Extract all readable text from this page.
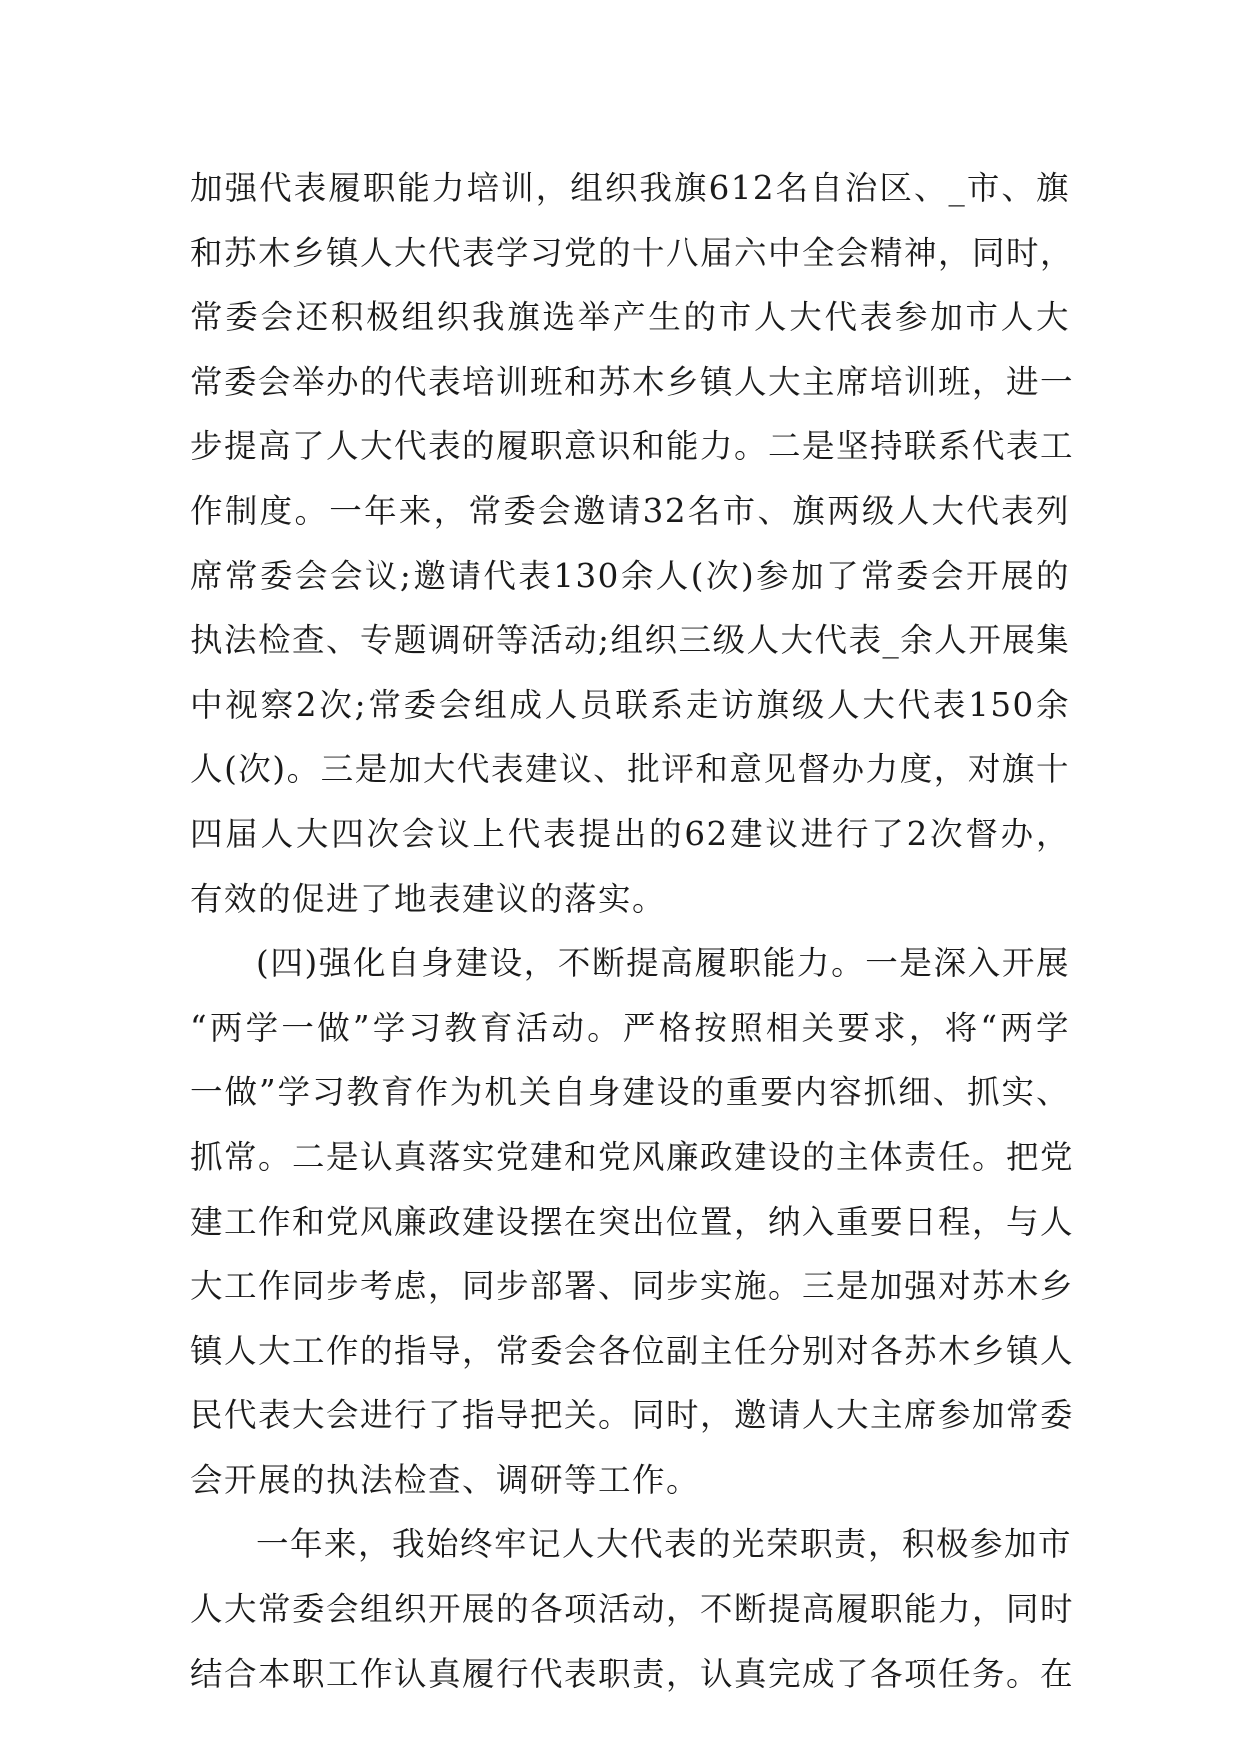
加强代表履职能力培训，组织我旗612名自治区、_市、旗
和苏木乡镇人大代表学习党的十八届六中全会精神，同时，
常委会还积极组织我旗选举产生的市人大代表参加市人大
常委会举办的代表培训班和苏木乡镇人大主席培训班，进一
步提高了人大代表的履职意识和能力。二是坚持联系代表工
作制度。一年来，常委会邀请32名市、旗两级人大代表列
席常委会会议;邀请代表130余人(次)参加了常委会开展的
执法检查、专题调研等活动;组织三级人大代表_余人开展集
中视察2次;常委会组成人员联系走访旗级人大代表150余
人(次)。三是加大代表建议、批评和意见督办力度，对旗十
四届人大四次会议上代表提出的62建议进行了2次督办，
有效的促进了地表建议的落实。
(四)强化自身建设，不断提高履职能力。一是深入开展
“两学一做”学习教育活动。严格按照相关要求，将“两学
一做”学习教育作为机关自身建设的重要内容抓细、抓实、
抓常。二是认真落实党建和党风廉政建设的主体责任。把党
建工作和党风廉政建设摆在突出位置，纳入重要日程，与人
大工作同步考虑，同步部署、同步实施。三是加强对苏木乡
镇人大工作的指导，常委会各位副主任分别对各苏木乡镇人
民代表大会进行了指导把关。同时，邀请人大主席参加常委
会开展的执法检查、调研等工作。
一年来，我始终牢记人大代表的光荣职责，积极参加市
人大常委会组织开展的各项活动，不断提高履职能力，同时
结合本职工作认真履行代表职责，认真完成了各项任务。在
